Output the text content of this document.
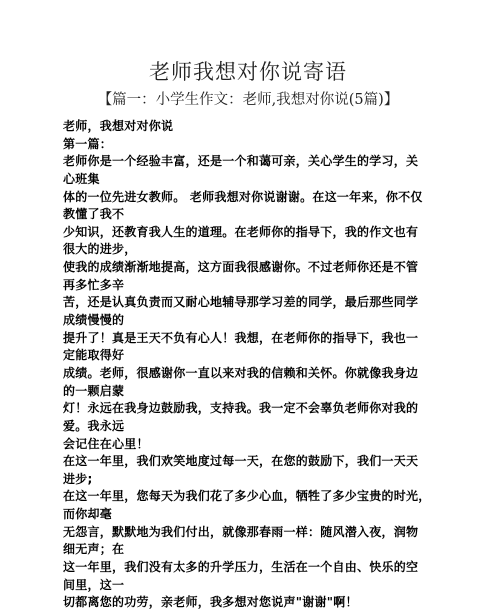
老师我想对你说寄语
【篇一：小学生作文：老师,我想对你说(5篇)】
老师，我想对对你说
第一篇：
老师你是一个经验丰富，还是一个和蔼可亲，关心学生的学习，关
心班集
体的一位先进女教师。 老师我想对你说谢谢。在这一年来，你不仅
教懂了我不
少知识，还教育我人生的道理。在老师你的指导下，我的作文也有
很大的进步，
使我的成绩渐渐地提高，这方面我很感谢你。不过老师你还是不管
再多忙多辛
苦，还是认真负责而又耐心地辅导那学习差的同学，最后那些同学
成绩慢慢的
提升了！真是王天不负有心人！我想，在老师你的指导下，我也一
定能取得好
成绩。老师，很感谢你一直以来对我的信赖和关怀。你就像我身边
的一颗启蒙
灯！永远在我身边鼓励我，支持我。我一定不会辜负老师你对我的
爱。我永远
会记住在心里！
在这一年里，我们欢笑地度过每一天，在您的鼓励下，我们一天天
进步;
在这一年里，您每天为我们花了多少心血，牺牲了多少宝贵的时光，
而你却毫
无怨言，默默地为我们付出，就像那春雨一样：随风潜入夜，润物
细无声；在
这一年里，我们没有太多的升学压力，生活在一个自由、快乐的空
间里，这一
切都离您的功劳，亲老师，我多想对您说声"谢谢"啊！
